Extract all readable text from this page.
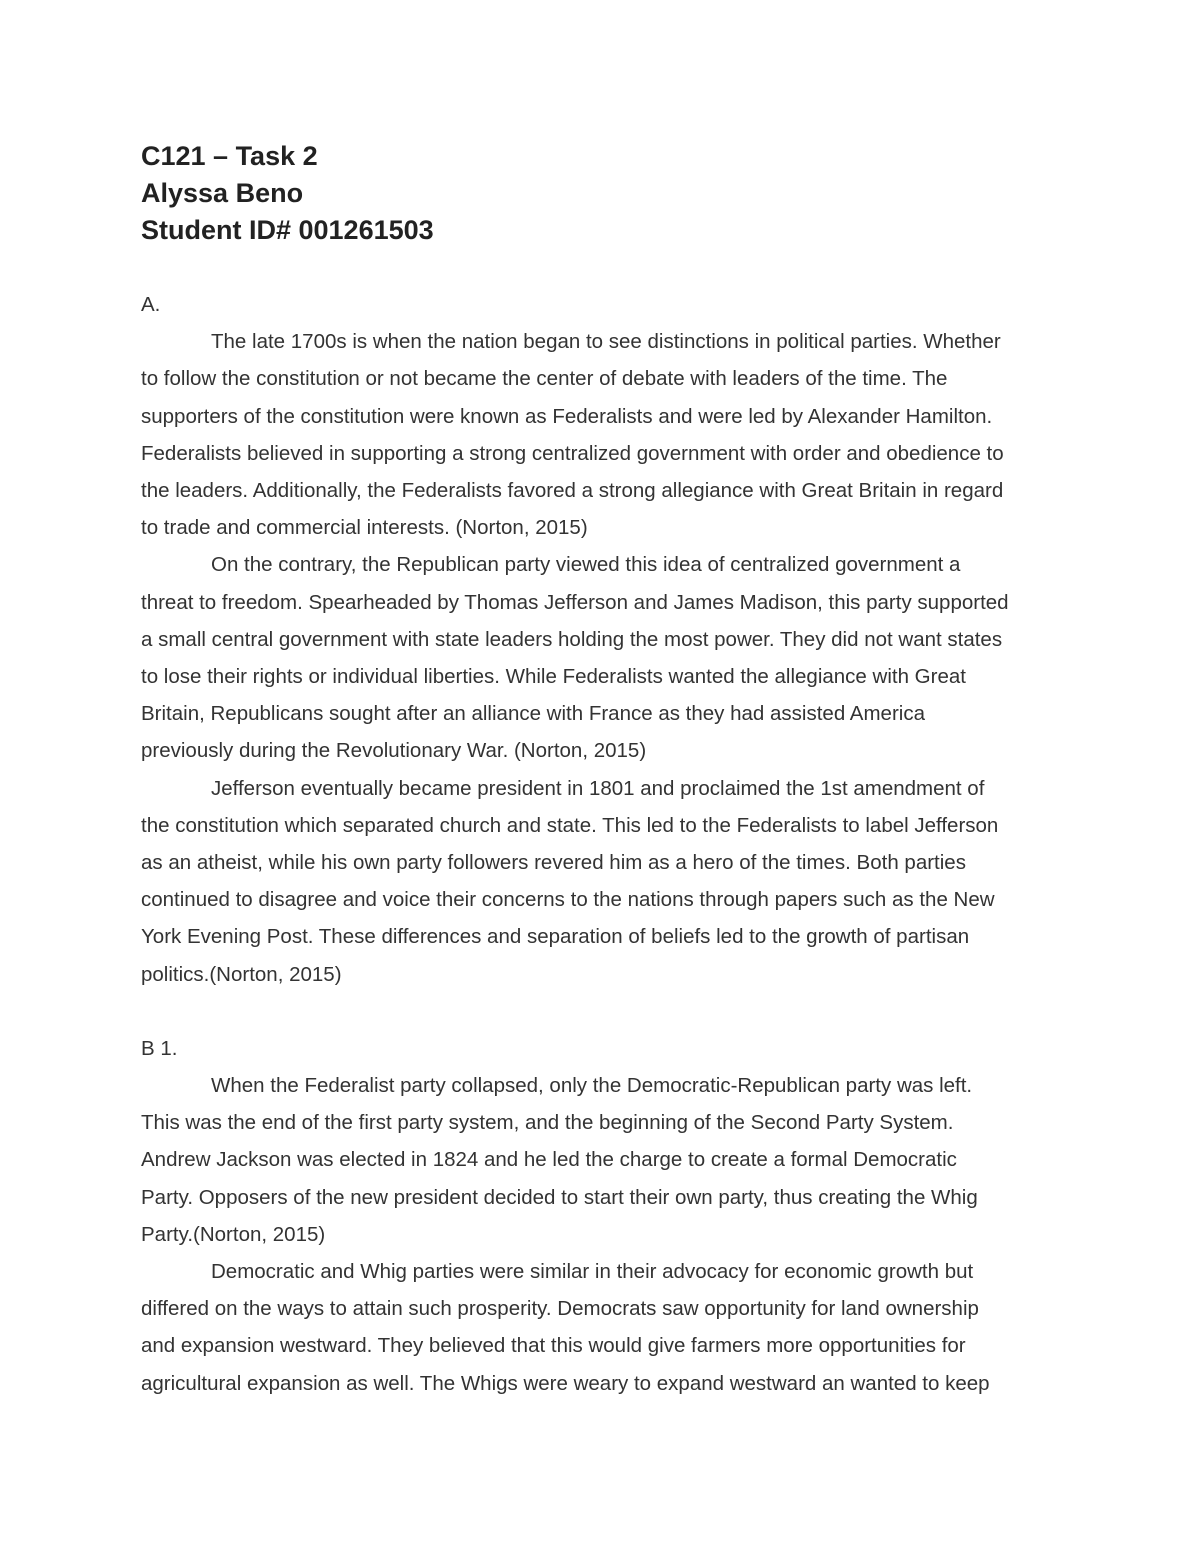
C121 – Task 2

Alyssa Beno

Student ID# 001261503

A.

The late 1700s is when the nation began to see distinctions in political parties. Whether
to follow the constitution or not became the center of debate with leaders of the time. The
supporters of the constitution were known as Federalists and were led by Alexander Hamilton.
Federalists believed in supporting a strong centralized government with order and obedience to
the leaders. Additionally, the Federalists favored a strong allegiance with Great Britain in regard
to trade and commercial interests. (Norton, 2015)
On the contrary, the Republican party viewed this idea of centralized government a
threat to freedom. Spearheaded by Thomas Jefferson and James Madison, this party supported
a small central government with state leaders holding the most power. They did not want states
to lose their rights or individual liberties. While Federalists wanted the allegiance with Great
Britain, Republicans sought after an alliance with France as they had assisted America
previously during the Revolutionary War. (Norton, 2015)
Jefferson eventually became president in 1801 and proclaimed the 1st amendment of
the constitution which separated church and state. This led to the Federalists to label Jefferson
as an atheist, while his own party followers revered him as a hero of the times. Both parties
continued to disagree and voice their concerns to the nations through papers such as the New
York Evening Post. These differences and separation of beliefs led to the growth of partisan
politics.(Norton, 2015)

B 1.

When the Federalist party collapsed, only the Democratic-Republican party was left.
This was the end of the first party system, and the beginning of the Second Party System.
Andrew Jackson was elected in 1824 and he led the charge to create a formal Democratic
Party. Opposers of the new president decided to start their own party, thus creating the Whig
Party.(Norton, 2015)
Democratic and Whig parties were similar in their advocacy for economic growth but
differed on the ways to attain such prosperity. Democrats saw opportunity for land ownership
and expansion westward. They believed that this would give farmers more opportunities for
agricultural expansion as well. The Whigs were weary to expand westward an wanted to keep
